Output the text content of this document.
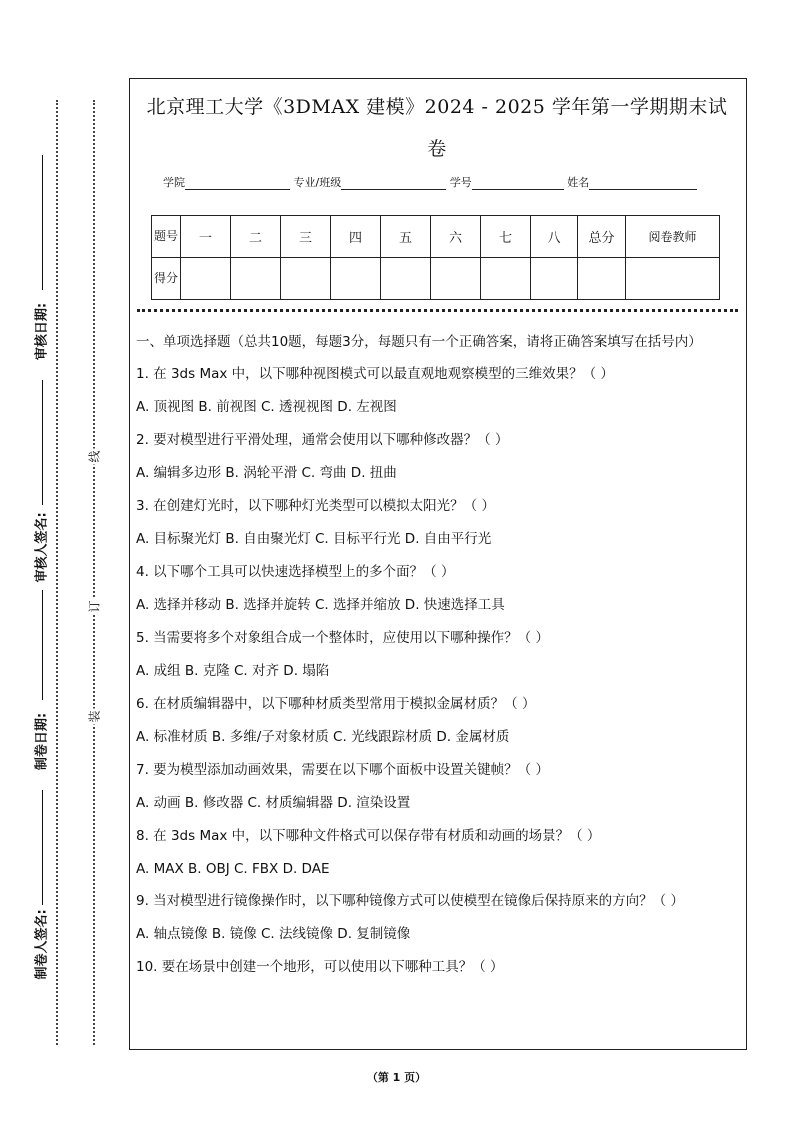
审核日期:
审核人签名:
制卷日期:
制卷人签名:
线
订
装
北京理工大学《3DMAX 建模》2024 - 2025 学年第一学期期末试
卷
学院	专业/班级	学号	姓名
题号	一	二	三	四	五	六	七	八	总分	阅卷教师
得分										
一、单项选择题（总共10题，每题3分，每题只有一个正确答案，请将正确答案填写在括号内）
1. 在 3ds Max 中，以下哪种视图模式可以最直观地观察模型的三维效果？（ ）
A. 顶视图 B. 前视图 C. 透视视图 D. 左视图
2. 要对模型进行平滑处理，通常会使用以下哪种修改器？（ ）
A. 编辑多边形 B. 涡轮平滑 C. 弯曲 D. 扭曲
3. 在创建灯光时，以下哪种灯光类型可以模拟太阳光？（ ）
A. 目标聚光灯 B. 自由聚光灯 C. 目标平行光 D. 自由平行光
4. 以下哪个工具可以快速选择模型上的多个面？（ ）
A. 选择并移动 B. 选择并旋转 C. 选择并缩放 D. 快速选择工具
5. 当需要将多个对象组合成一个整体时，应使用以下哪种操作？（ ）
A. 成组 B. 克隆 C. 对齐 D. 塌陷
6. 在材质编辑器中，以下哪种材质类型常用于模拟金属材质？（ ）
A. 标准材质 B. 多维/子对象材质 C. 光线跟踪材质 D. 金属材质
7. 要为模型添加动画效果，需要在以下哪个面板中设置关键帧？（ ）
A. 动画 B. 修改器 C. 材质编辑器 D. 渲染设置
8. 在 3ds Max 中，以下哪种文件格式可以保存带有材质和动画的场景？（ ）
A. MAX B. OBJ C. FBX D. DAE
9. 当对模型进行镜像操作时，以下哪种镜像方式可以使模型在镜像后保持原来的方向？（ ）
A. 轴点镜像 B. 镜像 C. 法线镜像 D. 复制镜像
10. 要在场景中创建一个地形，可以使用以下哪种工具？（ ）
（第 1 页）
